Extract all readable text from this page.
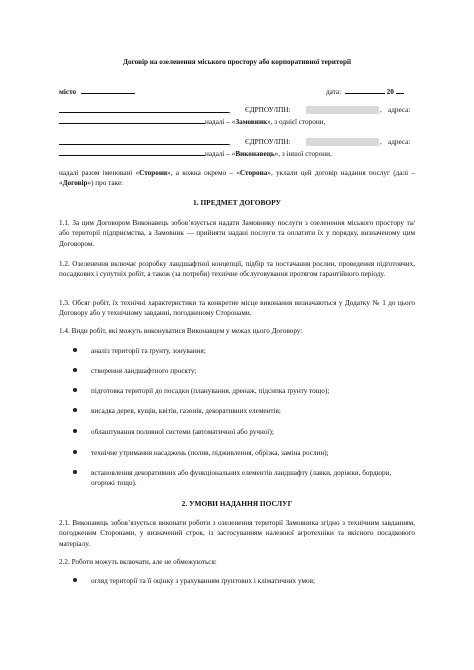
Договір на озеленення міського простору або корпоративної території
місто	дата:	20
, ЄДРПОУ/ІПН:	, адреса:
надалі – «Замовник», з однієї сторони,
, ЄДРПОУ/ІПН:	, адреса:
надалі – «Виконавець», з іншої сторони,
надалі разом іменовані «Сторони», а кожна окремо – «Сторона», уклали цей договір надання послуг (далі – «Договір») про таке:
1. ПРЕДМЕТ ДОГОВОРУ
1.1. За цим Договором Виконавець зобов’язується надати Замовнику послуги з озеленення міського простору та/або території підприємства, а Замовник — прийняти надані послуги та оплатити їх у порядку, визначеному цим Договором.
1.2. Озеленення включає розробку ландшафтної концепції, підбір та постачання рослин, проведення підготовчих, посадкових і супутніх робіт, а також (за потреби) технічне обслуговування протягом гарантійного періоду.
1.3. Обсяг робіт, їх технічні характеристики та конкретне місце виконання визначаються у Додатку № 1 до цього Договору або у технічному завданні, погодженому Сторонами.
1.4. Види робіт, які можуть виконуватися Виконавцем у межах цього Договору:
аналіз території та ґрунту, зонування;
створення ландшафтного проєкту;
підготовка території до посадки (планування, дренаж, підсипка ґрунту тощо);
висадка дерев, кущів, квітів, газонів, декоративних елементів;
облаштування поливної системи (автоматичної або ручної);
технічне утримання насаджень (полив, підживлення, обрізка, заміна рослин);
встановлення декоративних або функціональних елементів ландшафту (лавки, доріжки, бордюри, огорожі тощо).
2. УМОВИ НАДАННЯ ПОСЛУГ
2.1. Виконавець зобов’язується виконати роботи з озеленення території Замовника згідно з технічним завданням, погодженим Сторонами, у визначений строк, із застосуванням належної агротехніки та якісного посадкового матеріалу.
2.2. Роботи можуть включати, але не обмежуються:
огляд території та її оцінку з урахуванням ґрунтових і кліматичних умов;
